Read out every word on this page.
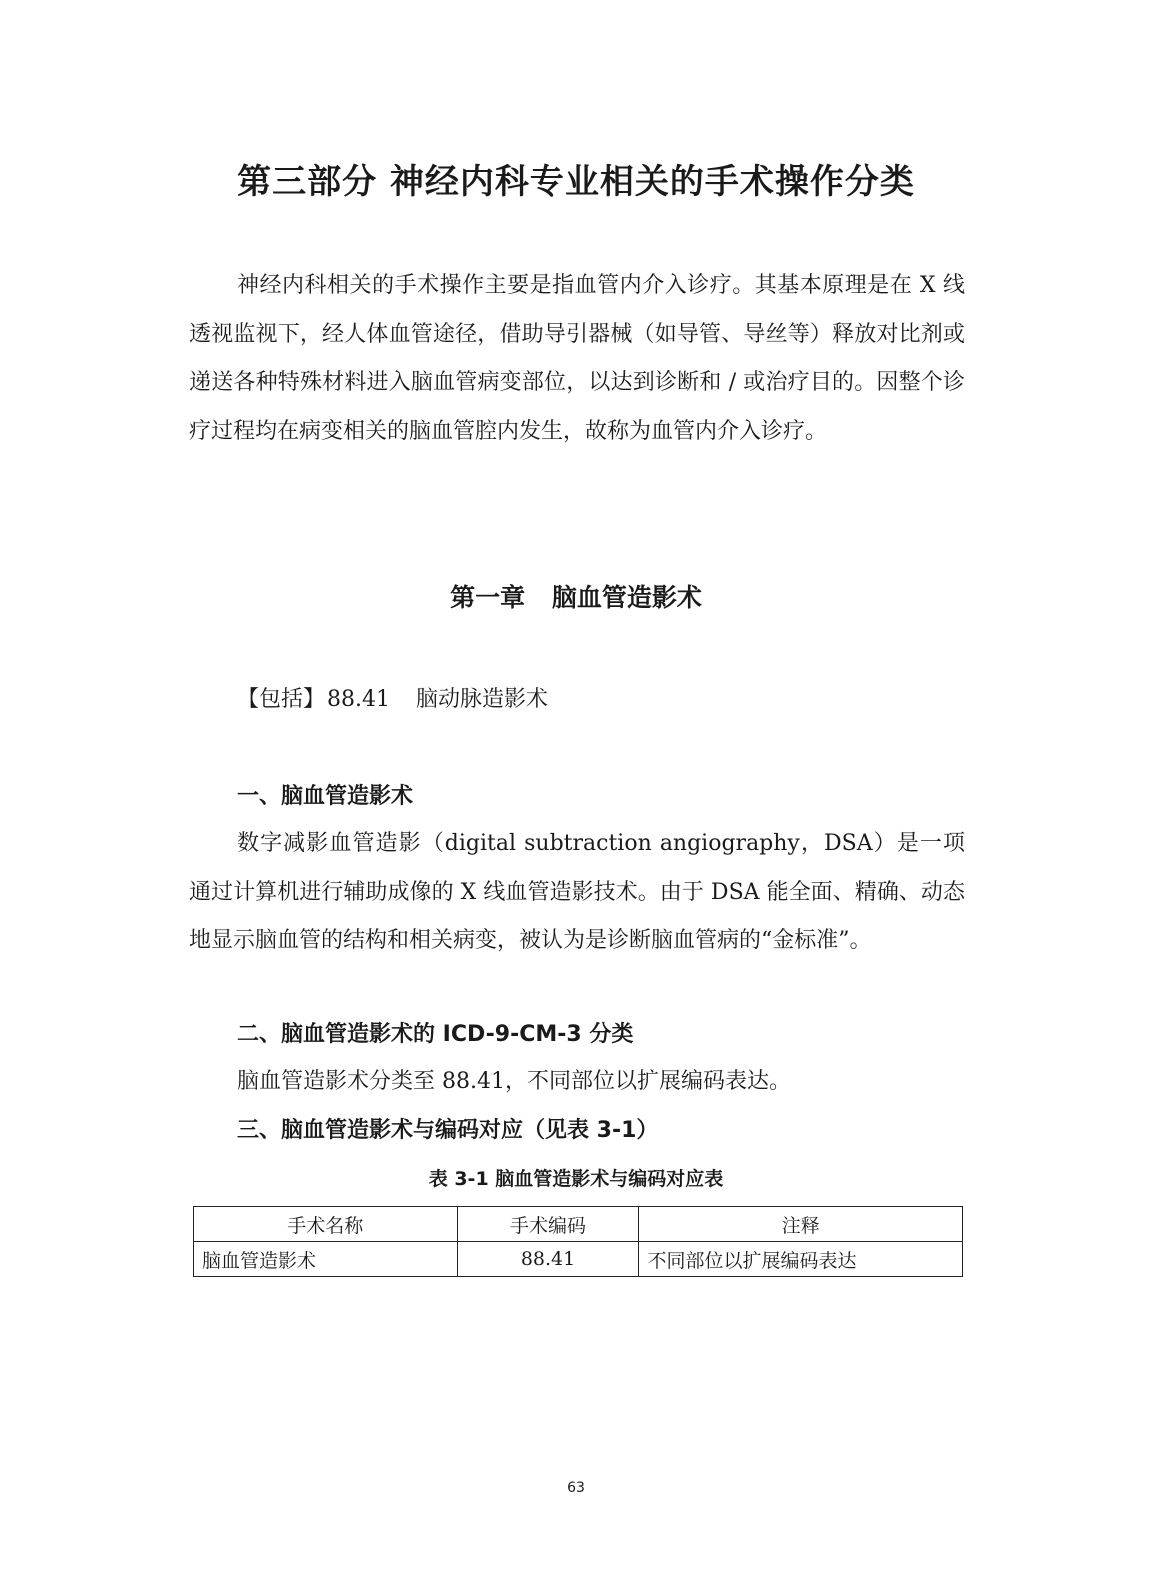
第三部分 神经内科专业相关的手术操作分类

神经内科相关的手术操作主要是指血管内介入诊疗。其基本原理是在 X 线透视监视下，经人体血管途径，借助导引器械（如导管、导丝等）释放对比剂或递送各种特殊材料进入脑血管病变部位，以达到诊断和 / 或治疗目的。因整个诊疗过程均在病变相关的脑血管腔内发生，故称为血管内介入诊疗。

第一章 脑血管造影术

【包括】88.41 脑动脉造影术

一、脑血管造影术

数字减影血管造影（digital subtraction angiography，DSA）是一项通过计算机进行辅助成像的 X 线血管造影技术。由于 DSA 能全面、精确、动态地显示脑血管的结构和相关病变，被认为是诊断脑血管病的“金标准”。

二、脑血管造影术的 ICD-9-CM-3 分类

脑血管造影术分类至 88.41，不同部位以扩展编码表达。

三、脑血管造影术与编码对应（见表 3-1）

表 3-1 脑血管造影术与编码对应表

手术名称	手术编码	注释
脑血管造影术	88.41	不同部位以扩展编码表达
63
